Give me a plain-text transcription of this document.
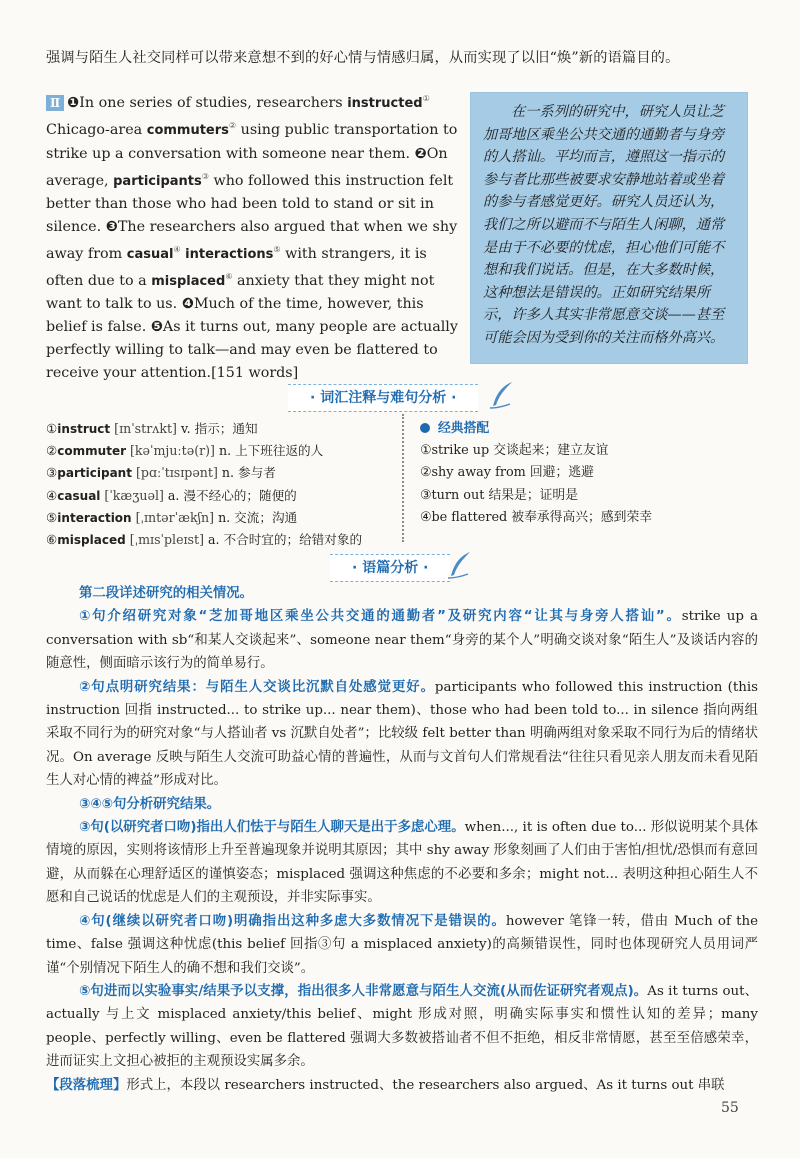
强调与陌生人社交同样可以带来意想不到的好心情与情感归属，从而实现了以旧“焕”新的语篇目的。
Ⅱ ❶In one series of studies, researchers instructed① Chicago-area commuters② using public transportation to strike up a conversation with someone near them. ❷On average, participants③ who followed this instruction felt better than those who had been told to stand or sit in silence. ❸The researchers also argued that when we shy away from casual④ interactions⑤ with strangers, it is often due to a misplaced⑥ anxiety that they might not want to talk to us. ❹Much of the time, however, this belief is false. ❺As it turns out, many people are actually perfectly willing to talk—and may even be flattered to receive your attention.[151 words]
在一系列的研究中，研究人员让芝加哥地区乘坐公共交通的通勤者与身旁的人搭讪。平均而言，遵照这一指示的参与者比那些被要求安静地站着或坐着的参与者感觉更好。研究人员还认为，我们之所以避而不与陌生人闲聊，通常是由于不必要的忧虑，担心他们可能不想和我们说话。但是，在大多数时候，这种想法是错误的。正如研究结果所示，许多人其实非常愿意交谈——甚至可能会因为受到你的关注而格外高兴。
· 词汇注释与难句分析 ·
①instruct [ɪnˈstrʌkt] v. 指示；通知
②commuter [kəˈmjuːtə(r)] n. 上下班往返的人
③participant [pɑːˈtɪsɪpənt] n. 参与者
④casual [ˈkæʒuəl] a. 漫不经心的；随便的
⑤interaction [ˌɪntərˈækʃn] n. 交流；沟通
⑥misplaced [ˌmɪsˈpleɪst] a. 不合时宜的；给错对象的
经典搭配
①strike up 交谈起来；建立友谊
②shy away from 回避；逃避
③turn out 结果是；证明是
④be flattered 被奉承得高兴；感到荣幸
· 语篇分析 ·

第二段详述研究的相关情况。

①句介绍研究对象“芝加哥地区乘坐公共交通的通勤者”及研究内容“让其与身旁人搭讪”。strike up a conversation with sb“和某人交谈起来”、someone near them“身旁的某个人”明确交谈对象“陌生人”及谈话内容的随意性，侧面暗示该行为的简单易行。

②句点明研究结果：与陌生人交谈比沉默自处感觉更好。participants who followed this instruction (this instruction 回指 instructed... to strike up... near them)、those who had been told to... in silence 指向两组采取不同行为的研究对象“与人搭讪者 vs 沉默自处者”；比较级 felt better than 明确两组对象采取不同行为后的情绪状况。On average 反映与陌生人交流可助益心情的普遍性，从而与文首句人们常规看法“往往只看见亲人朋友而未看见陌生人对心情的裨益”形成对比。

③④⑤句分析研究结果。

③句(以研究者口吻)指出人们怯于与陌生人聊天是出于多虑心理。when..., it is often due to... 形似说明某个具体情境的原因，实则将该情形上升至普遍现象并说明其原因；其中 shy away 形象刻画了人们由于害怕/担忧/恐惧而有意回避，从而躲在心理舒适区的谨慎姿态；misplaced 强调这种焦虑的不必要和多余；might not... 表明这种担心陌生人不愿和自己说话的忧虑是人们的主观预设，并非实际事实。

④句(继续以研究者口吻)明确指出这种多虑大多数情况下是错误的。however 笔锋一转，借由 Much of the time、false 强调这种忧虑(this belief 回指③句 a misplaced anxiety)的高频错误性，同时也体现研究人员用词严谨“个别情况下陌生人的确不想和我们交谈”。

⑤句进而以实验事实/结果予以支撑，指出很多人非常愿意与陌生人交流(从而佐证研究者观点)。As it turns out、actually 与上文 misplaced anxiety/this belief、might 形成对照，明确实际事实和惯性认知的差异；many people、perfectly willing、even be flattered 强调大多数被搭讪者不但不拒绝，相反非常情愿，甚至至倍感荣幸，进而证实上文担心被拒的主观预设实属多余。

【段落梳理】形式上，本段以 researchers instructed、the researchers also argued、As it turns out 串联

55
